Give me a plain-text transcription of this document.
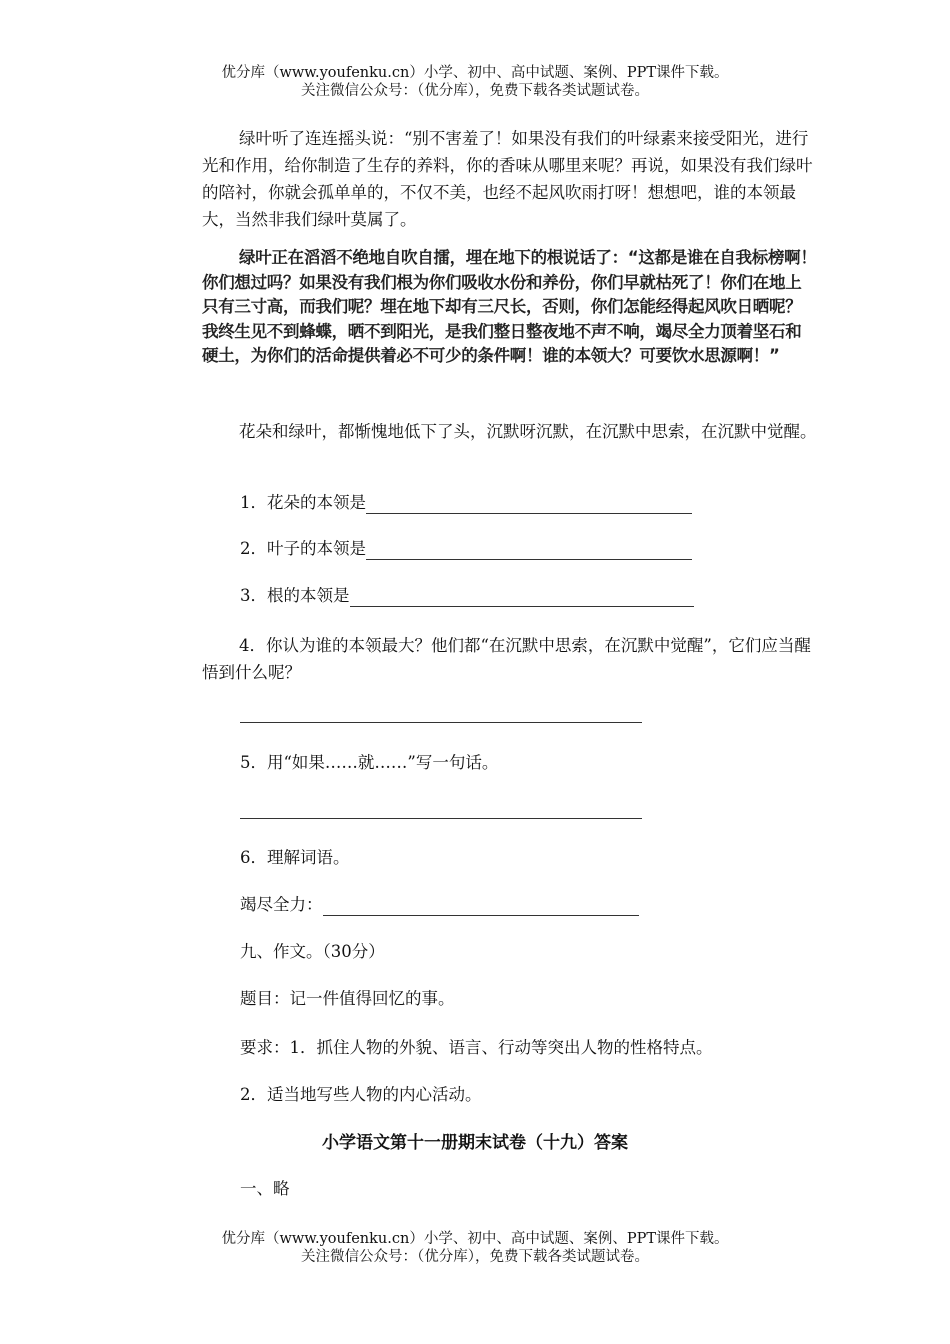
优分库（www.youfenku.cn）小学、初中、高中试题、案例、PPT课件下载。
关注微信公众号：（优分库），免费下载各类试题试卷。
绿叶听了连连摇头说：“别不害羞了！如果没有我们的叶绿素来接受阳光，进行光和作用，给你制造了生存的养料，你的香味从哪里来呢？再说，如果没有我们绿叶的陪衬，你就会孤单单的，不仅不美，也经不起风吹雨打呀！想想吧，谁的本领最大，当然非我们绿叶莫属了。
绿叶正在滔滔不绝地自吹自擂，埋在地下的根说话了：“这都是谁在自我标榜啊！你们想过吗？如果没有我们根为你们吸收水份和养份，你们早就枯死了！你们在地上只有三寸高，而我们呢？埋在地下却有三尺长，否则，你们怎能经得起风吹日晒呢？我终生见不到蜂蝶，晒不到阳光，是我们整日整夜地不声不响，竭尽全力顶着坚石和硬土，为你们的活命提供着必不可少的条件啊！谁的本领大？可要饮水思源啊！”
花朵和绿叶，都惭愧地低下了头，沉默呀沉默，在沉默中思索，在沉默中觉醒。
1．花朵的本领是
2．叶子的本领是
3．根的本领是
4．你认为谁的本领最大？他们都“在沉默中思索，在沉默中觉醒”，它们应当醒悟到什么呢？
5．用“如果……就……”写一句话。
6．理解词语。
竭尽全力：
九、作文。（30分）
题目：记一件值得回忆的事。
要求：1．抓住人物的外貌、语言、行动等突出人物的性格特点。
2．适当地写些人物的内心活动。
小学语文第十一册期末试卷（十九）答案
一、略
优分库（www.youfenku.cn）小学、初中、高中试题、案例、PPT课件下载。
关注微信公众号：（优分库），免费下载各类试题试卷。
